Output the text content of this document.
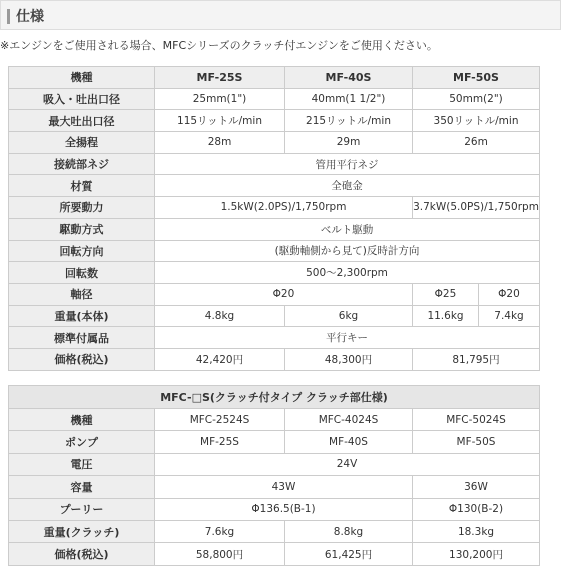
仕様
※エンジンをご使用される場合、MFCシリーズのクラッチ付エンジンをご使用ください。
機種	MF-25S	MF-40S	MF-50S	
吸入・吐出口径	25mm(1")	40mm(1 1/2")	50mm(2")	
最大吐出口径	115リットル/min	215リットル/min	350リットル/min	
全揚程	28m	29m	26m	
接続部ネジ	管用平行ネジ			
材質	全砲金			
所要動力	1.5kW(2.0PS)/1,750rpm		3.7kW(5.0PS)/1,750rpm	
駆動方式	ベルト駆動			
回転方向	(駆動軸側から見て)反時計方向			
回転数	500～2,300rpm			
軸径	Φ20		Φ25	Φ20
重量(本体)	4.8kg	6kg	11.6kg	7.4kg
標準付属品	平行キー			
価格(税込)	42,420円	48,300円	81,795円	
MFC-□S(クラッチ付タイプ クラッチ部仕様)			
機種	MFC-2524S	MFC-4024S	MFC-5024S
ポンプ	MF-25S	MF-40S	MF-50S
電圧	24V		
容量	43W		36W
プーリー	Φ136.5(B-1)		Φ130(B-2)
重量(クラッチ)	7.6kg	8.8kg	18.3kg
価格(税込)	58,800円	61,425円	130,200円
